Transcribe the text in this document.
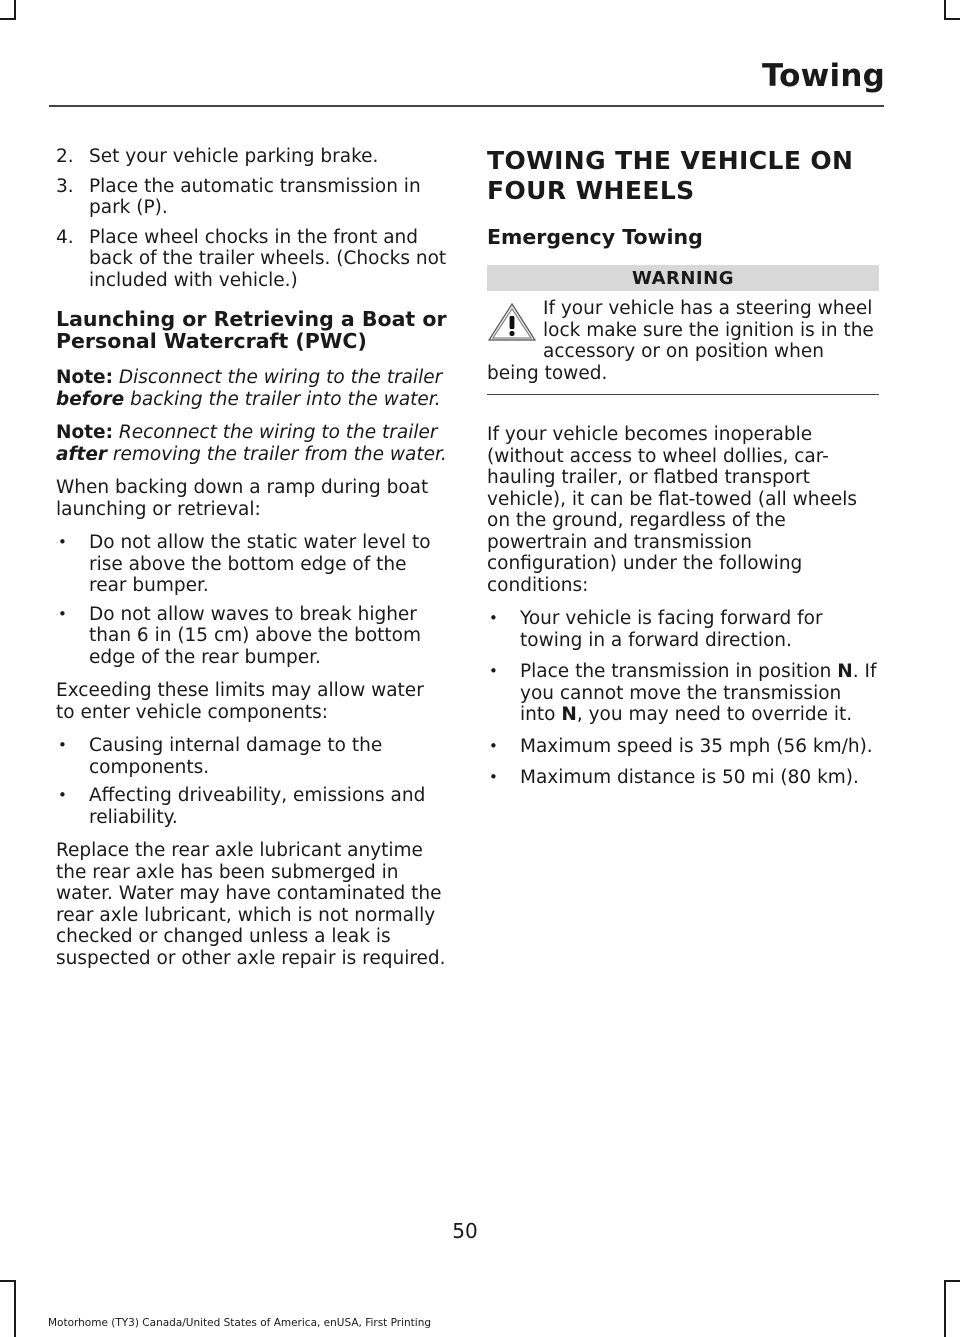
Towing
2. Set your vehicle parking brake.
3. Place the automatic transmission in park (P).
4. Place wheel chocks in the front and back of the trailer wheels. (Chocks not included with vehicle.)
Launching or Retrieving a Boat or Personal Watercraft (PWC)

Note: Disconnect the wiring to the trailer before backing the trailer into the water.

Note: Reconnect the wiring to the trailer after removing the trailer from the water.

When backing down a ramp during boat launching or retrieval:

• Do not allow the static water level to rise above the bottom edge of the rear bumper.
• Do not allow waves to break higher than 6 in (15 cm) above the bottom edge of the rear bumper.

Exceeding these limits may allow water to enter vehicle components:

• Causing internal damage to the components.
• Affecting driveability, emissions and reliability.

Replace the rear axle lubricant anytime the rear axle has been submerged in water. Water may have contaminated the rear axle lubricant, which is not normally checked or changed unless a leak is suspected or other axle repair is required.

TOWING THE VEHICLE ON FOUR WHEELS
Emergency Towing
WARNING
If your vehicle has a steering wheel lock make sure the ignition is in the accessory or on position when being towed.

If your vehicle becomes inoperable (without access to wheel dollies, car-hauling trailer, or flatbed transport vehicle), it can be flat-towed (all wheels on the ground, regardless of the powertrain and transmission configuration) under the following conditions:

• Your vehicle is facing forward for towing in a forward direction.
• Place the transmission in position N. If you cannot move the transmission into N, you may need to override it.
• Maximum speed is 35 mph (56 km/h).
• Maximum distance is 50 mi (80 km).
50
Motorhome (TY3) Canada/United States of America, enUSA, First Printing
